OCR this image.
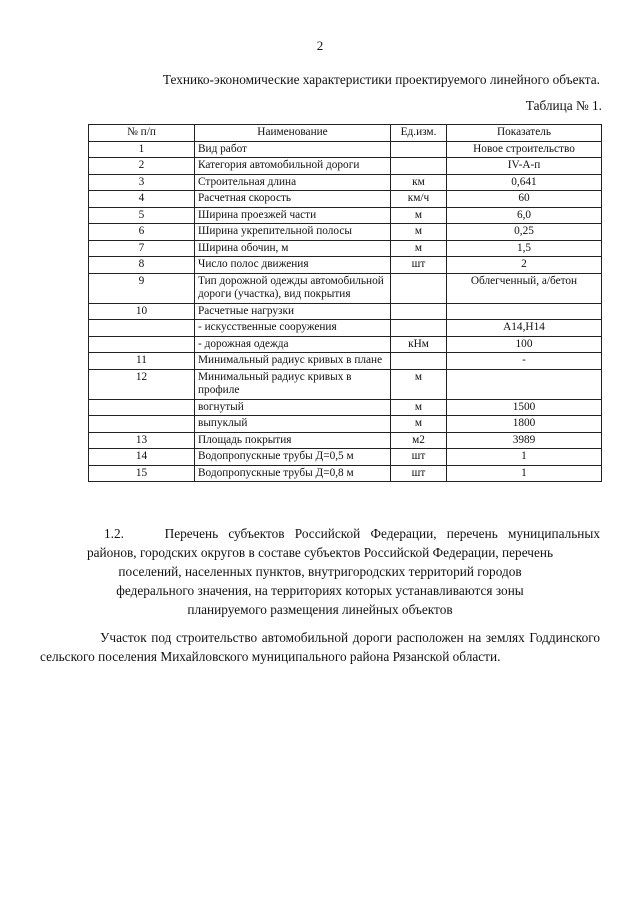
2
Технико-экономические характеристики проектируемого линейного объекта.
Таблица № 1.
№ п/п	Наименование	Ед.изм.	Показатель
1	Вид работ		Новое строительство
2	Категория автомобильной дороги		IV-А-п
3	Строительная длина	км	0,641
4	Расчетная скорость	км/ч	60
5	Ширина проезжей части	м	6,0
6	Ширина укрепительной полосы	м	0,25
7	Ширина обочин, м	м	1,5
8	Число полос движения	шт	2
9	Тип дорожной одежды автомобильной дороги (участка), вид покрытия		Облегченный, а/бетон
10	Расчетные нагрузки		
	- искусственные сооружения		А14,Н14
	- дорожная одежда	кНм	100
11	Минимальный радиус кривых в плане		-
12	Минимальный радиус кривых в профиле	м	
	вогнутый	м	1500
	выпуклый	м	1800
13	Площадь покрытия	м2	3989
14	Водопропускные трубы Д=0,5 м	шт	1
15	Водопропускные трубы Д=0,8 м	шт	1
1.2.	Перечень субъектов Российской Федерации, перечень муниципальных
районов, городских округов в составе субъектов Российской Федерации, перечень
поселений, населенных пунктов, внутригородских территорий городов
федерального значения, на территориях которых устанавливаются зоны
планируемого размещения линейных объектов

Участок под строительство автомобильной дороги расположен на землях Годдинского сельского поселения Михайловского муниципального района Рязанской области.
